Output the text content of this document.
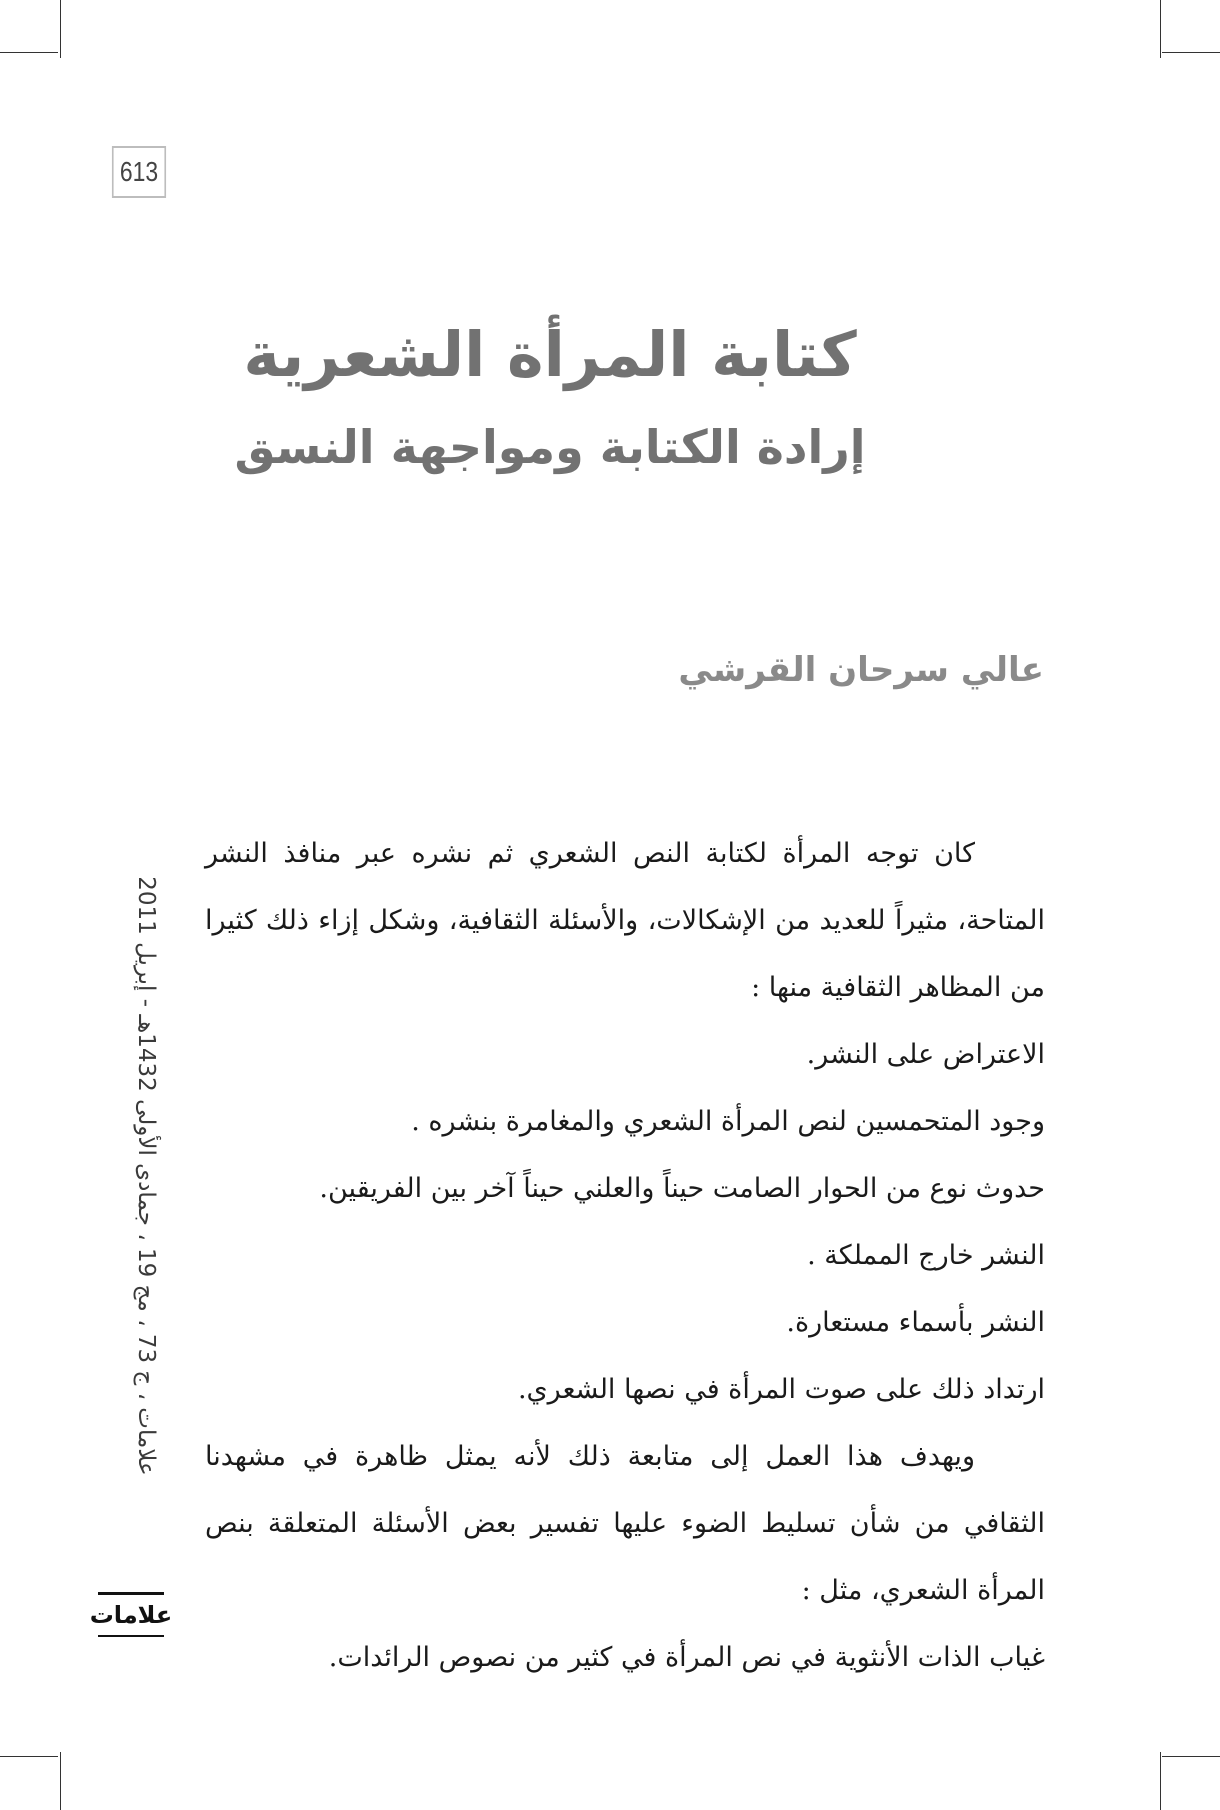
613
كتابة المرأة الشعرية
إرادة الكتابة ومواجهة النسق
عالي سرحان القرشي

كان توجه المرأة لكتابة النص الشعري ثم نشره عبر منافذ النشر المتاحة، مثيراً للعديد من الإشكالات، والأسئلة الثقافية، وشكل إزاء ذلك كثيرا من المظاهر الثقافية منها :

الاعتراض على النشر.

وجود المتحمسين لنص المرأة الشعري والمغامرة بنشره .

حدوث نوع من الحوار الصامت حيناً والعلني حيناً آخر بين الفريقين.

النشر خارج المملكة .

النشر بأسماء مستعارة.

ارتداد ذلك على صوت المرأة في نصها الشعري.

ويهدف هذا العمل إلى متابعة ذلك لأنه يمثل ظاهرة في مشهدنا الثقافي من شأن تسليط الضوء عليها تفسير بعض الأسئلة المتعلقة بنص المرأة الشعري، مثل :

غياب الذات الأنثوية في نص المرأة في كثير من نصوص الرائدات.

علامات ، ج 73 ، مج 19 ، جمادى الأولى 1432هـ - إبريل 2011
علامات
